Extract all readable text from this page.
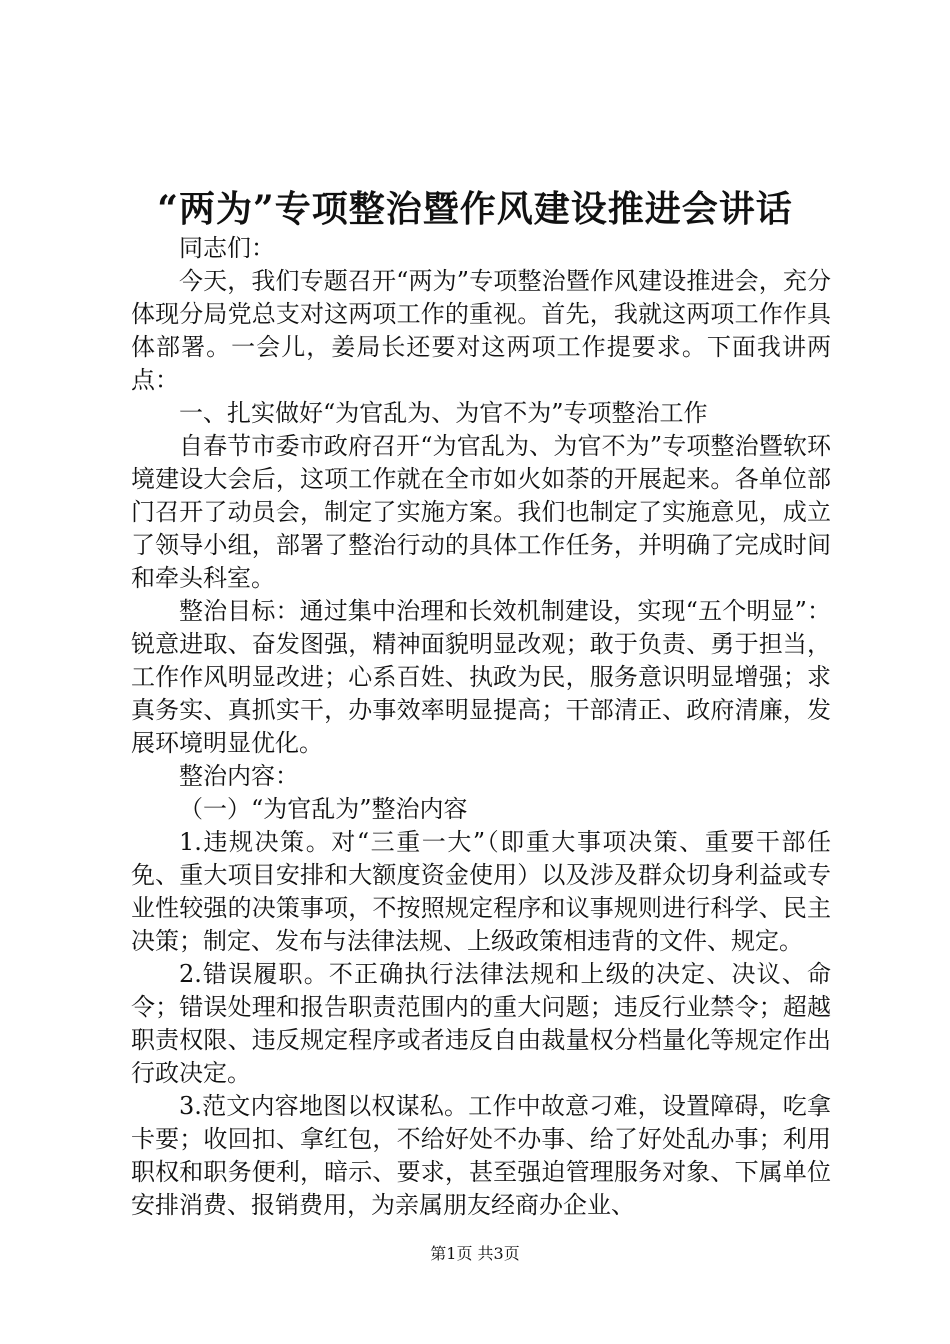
“两为”专项整治暨作风建设推进会讲话

同志们：

今天，我们专题召开“两为”专项整治暨作风建设推进会，充分体现分局党总支对这两项工作的重视。首先，我就这两项工作作具体部署。一会儿，姜局长还要对这两项工作提要求。下面我讲两点：

一、扎实做好“为官乱为、为官不为”专项整治工作

自春节市委市政府召开“为官乱为、为官不为”专项整治暨软环境建设大会后，这项工作就在全市如火如荼的开展起来。各单位部门召开了动员会，制定了实施方案。我们也制定了实施意见，成立了领导小组，部署了整治行动的具体工作任务，并明确了完成时间和牵头科室。

整治目标：通过集中治理和长效机制建设，实现“五个明显”：锐意进取、奋发图强，精神面貌明显改观；敢于负责、勇于担当，工作作风明显改进；心系百姓、执政为民，服务意识明显增强；求真务实、真抓实干，办事效率明显提高；干部清正、政府清廉，发展环境明显优化。

整治内容：

（一）“为官乱为”整治内容

1.违规决策。对“三重一大”（即重大事项决策、重要干部任免、重大项目安排和大额度资金使用）以及涉及群众切身利益或专业性较强的决策事项，不按照规定程序和议事规则进行科学、民主决策；制定、发布与法律法规、上级政策相违背的文件、规定。

2.错误履职。不正确执行法律法规和上级的决定、决议、命令；错误处理和报告职责范围内的重大问题；违反行业禁令；超越职责权限、违反规定程序或者违反自由裁量权分档量化等规定作出行政决定。

3.范文内容地图以权谋私。工作中故意刁难，设置障碍，吃拿卡要；收回扣、拿红包，不给好处不办事、给了好处乱办事；利用职权和职务便利，暗示、要求，甚至强迫管理服务对象、下属单位安排消费、报销费用，为亲属朋友经商办企业、

第1页 共3页
